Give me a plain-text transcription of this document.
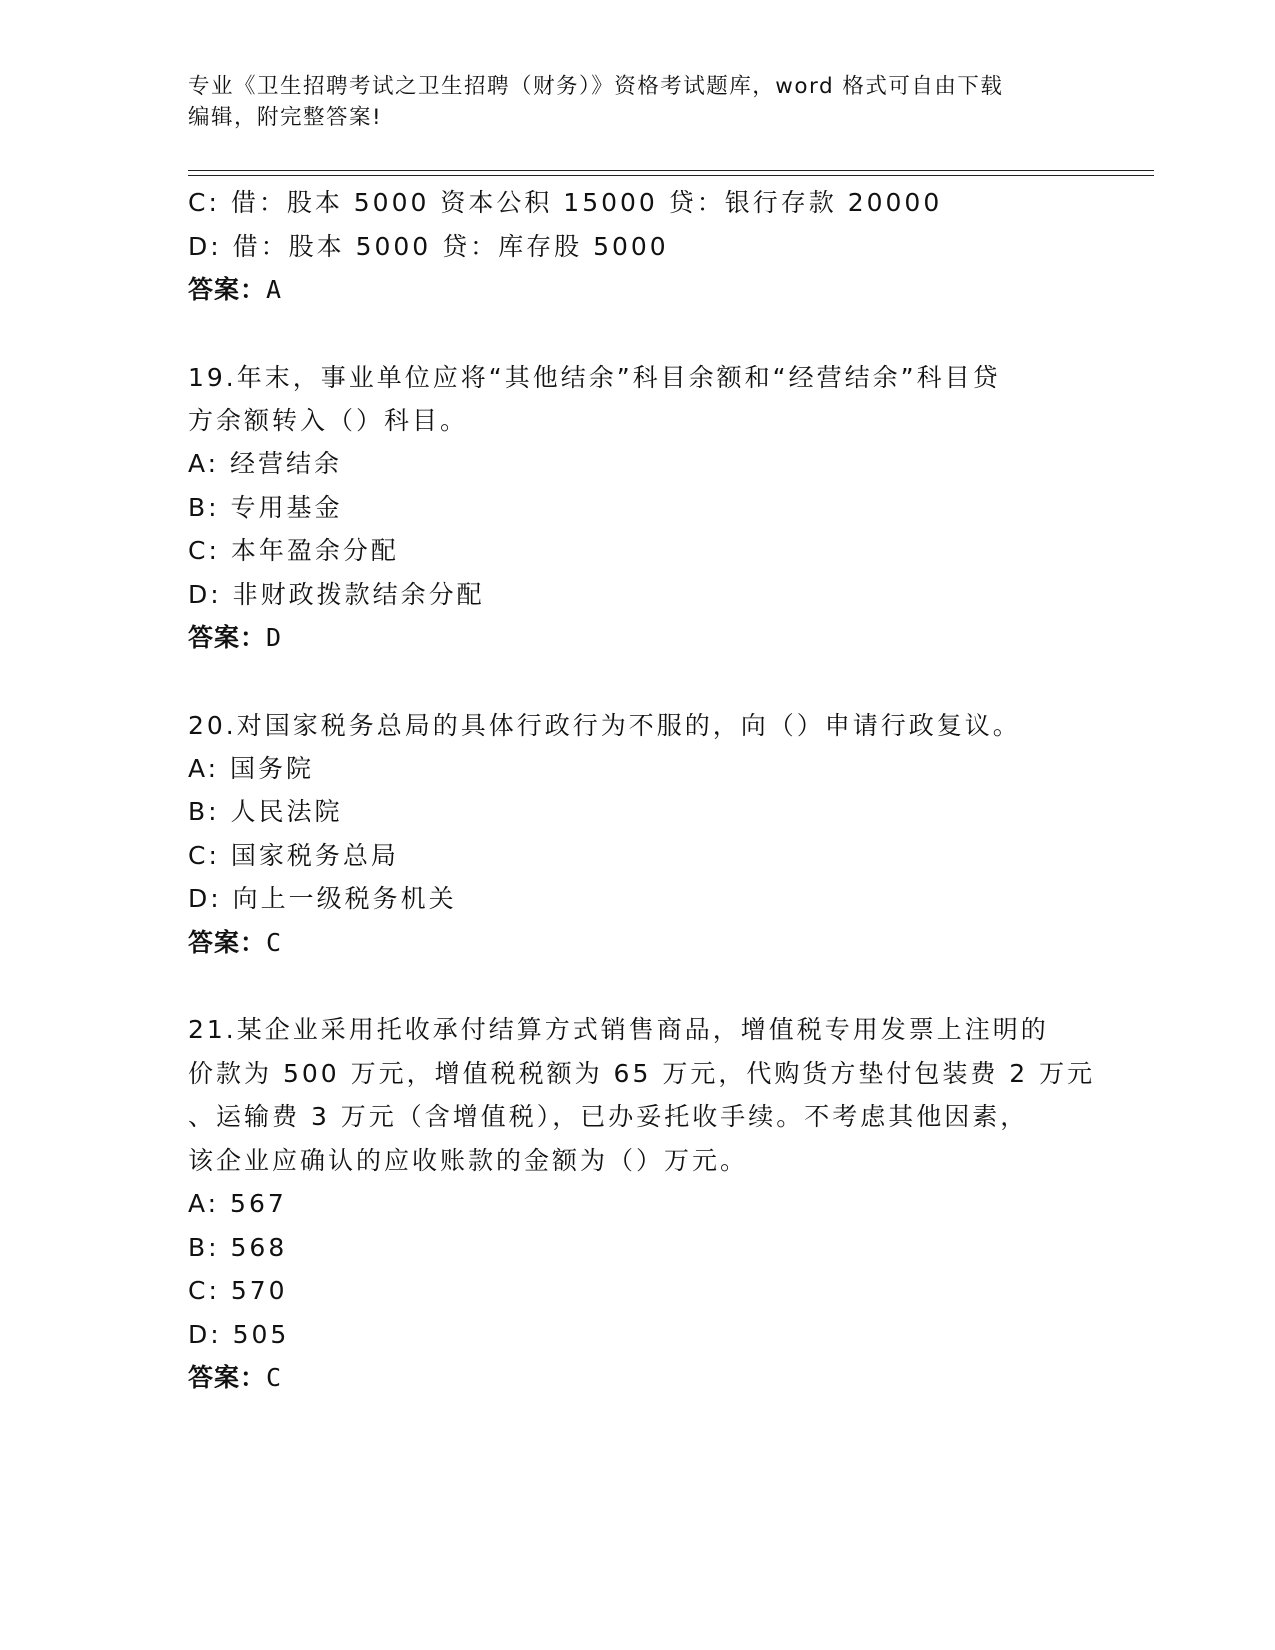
专业《卫生招聘考试之卫生招聘（财务）》资格考试题库，word 格式可自由下载
编辑，附完整答案!
C: 借：股本 5000 资本公积 15000 贷：银行存款 20000
D: 借：股本 5000 贷：库存股 5000
答案：A
19.年末，事业单位应将“其他结余”科目余额和“经营结余”科目贷
方余额转入（）科目。
A: 经营结余
B: 专用基金
C: 本年盈余分配
D: 非财政拨款结余分配
答案：D
20.对国家税务总局的具体行政行为不服的，向（）申请行政复议。
A: 国务院
B: 人民法院
C: 国家税务总局
D: 向上一级税务机关
答案：C
21.某企业采用托收承付结算方式销售商品，增值税专用发票上注明的
价款为 500 万元，增值税税额为 65 万元，代购货方垫付包装费 2 万元
、运输费 3 万元（含增值税），已办妥托收手续。不考虑其他因素，
该企业应确认的应收账款的金额为（）万元。
A: 567
B: 568
C: 570
D: 505
答案：C
